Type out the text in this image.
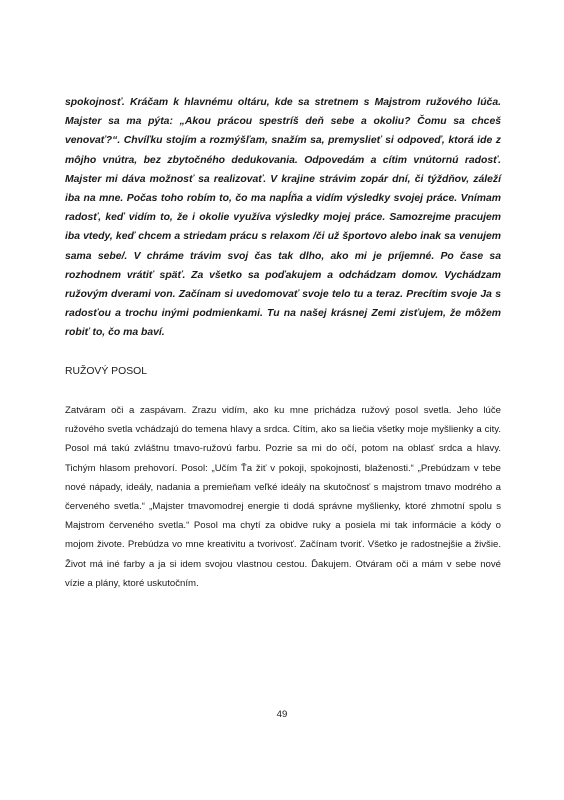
spokojnosť. Kráčam k hlavnému oltáru, kde sa stretnem s Majstrom ružového lúča. Majster sa ma pýta: „Akou prácou spestríš deň sebe a okoliu? Čomu sa chceš venovať?“. Chvíľku stojím a rozmýšľam, snažím sa, premyslieť si odpoveď, ktorá ide z môjho vnútra, bez zbytočného dedukovania. Odpovedám a cítim vnútornú radosť. Majster mi dáva možnosť sa realizovať. V krajine strávim zopár dní, či týždňov, záleží iba na mne. Počas toho robím to, čo ma napĺňa a vidím výsledky svojej práce. Vnímam radosť, keď vidím to, že i okolie využíva výsledky mojej práce. Samozrejme pracujem iba vtedy, keď chcem a striedam prácu s relaxom /či už športovo alebo inak sa venujem sama sebe/. V chráme trávim svoj čas tak dlho, ako mi je príjemné. Po čase sa rozhodnem vrátiť späť. Za všetko sa poďakujem a odchádzam domov. Vychádzam ružovým dverami von. Začínam si uvedomovať svoje telo tu a teraz. Precítim svoje Ja s radosťou a trochu inými podmienkami. Tu na našej krásnej Zemi zisťujem, že môžem robiť to, čo ma baví.

RUŽOVÝ POSOL

Zatváram oči a zaspávam. Zrazu vidím, ako ku mne prichádza ružový posol svetla. Jeho lúče ružového svetla vchádzajú do temena hlavy a srdca. Cítim, ako sa liečia všetky moje myšlienky a city. Posol má takú zvláštnu tmavo-ružovú farbu. Pozrie sa mi do očí, potom na oblasť srdca a hlavy. Tichým hlasom prehovorí. Posol: „Učím Ťa žiť v pokoji, spokojnosti, blaženosti.“ „Prebúdzam v tebe nové nápady, ideály, nadania a premieňam veľké ideály na skutočnosť s majstrom tmavo modrého a červeného svetla.“ „Majster tmavomodrej energie ti dodá správne myšlienky, ktoré zhmotní spolu s Majstrom červeného svetla.“ Posol ma chytí za obidve ruky a posiela mi tak informácie a kódy o mojom živote. Prebúdza vo mne kreativitu a tvorivosť. Začínam tvoriť. Všetko je radostnejšie a živšie. Život má iné farby a ja si idem svojou vlastnou cestou. Ďakujem. Otváram oči a mám v sebe nové vízie a plány, ktoré uskutočním.

49
